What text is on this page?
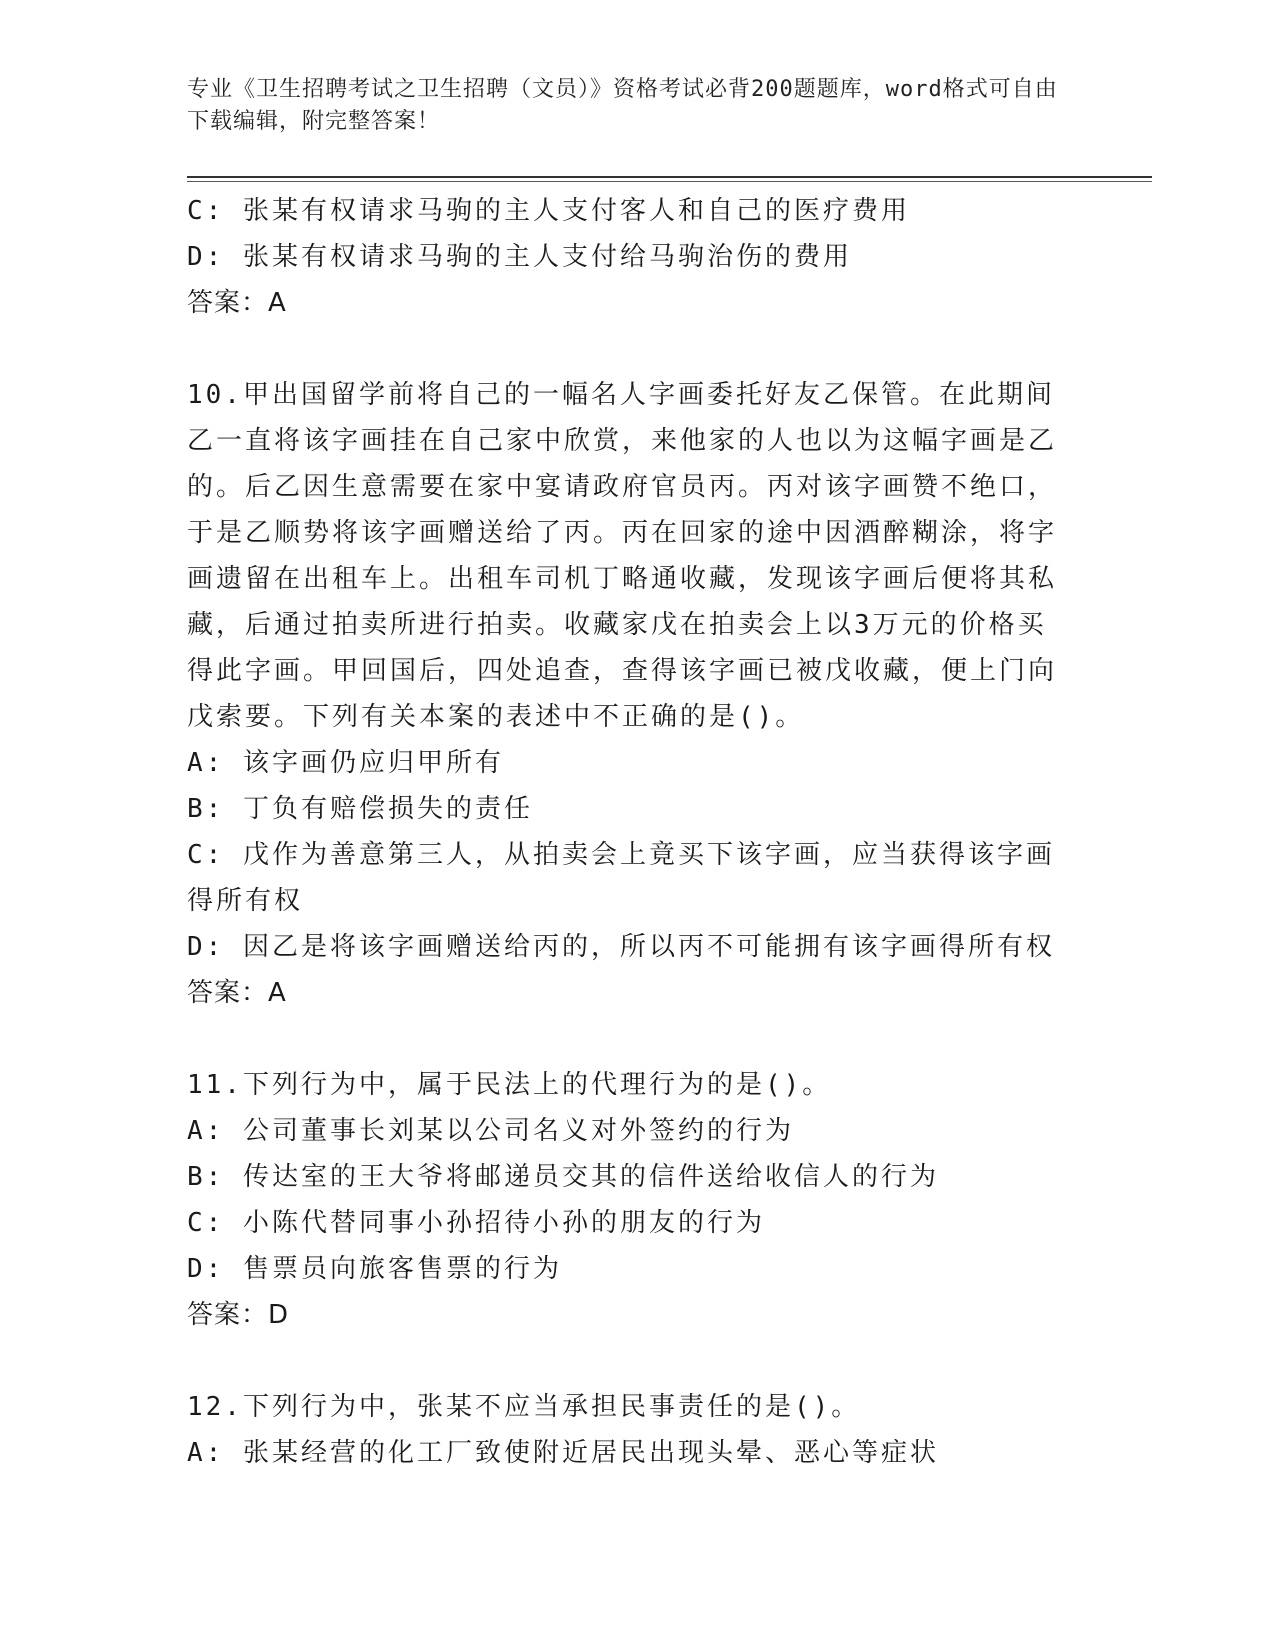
专业《卫生招聘考试之卫生招聘（文员）》资格考试必背200题题库，word格式可自由下载编辑，附完整答案！
C: 张某有权请求马驹的主人支付客人和自己的医疗费用
D: 张某有权请求马驹的主人支付给马驹治伤的费用
答案：A
10.甲出国留学前将自己的一幅名人字画委托好友乙保管。在此期间乙一直将该字画挂在自己家中欣赏，来他家的人也以为这幅字画是乙的。后乙因生意需要在家中宴请政府官员丙。丙对该字画赞不绝口，于是乙顺势将该字画赠送给了丙。丙在回家的途中因酒醉糊涂，将字画遗留在出租车上。出租车司机丁略通收藏，发现该字画后便将其私藏，后通过拍卖所进行拍卖。收藏家戊在拍卖会上以3万元的价格买得此字画。甲回国后，四处追查，查得该字画已被戊收藏，便上门向戊索要。下列有关本案的表述中不正确的是()。
A: 该字画仍应归甲所有
B: 丁负有赔偿损失的责任
C: 戊作为善意第三人，从拍卖会上竟买下该字画，应当获得该字画得所有权
D: 因乙是将该字画赠送给丙的，所以丙不可能拥有该字画得所有权
答案：A
11.下列行为中，属于民法上的代理行为的是()。
A: 公司董事长刘某以公司名义对外签约的行为
B: 传达室的王大爷将邮递员交其的信件送给收信人的行为
C: 小陈代替同事小孙招待小孙的朋友的行为
D: 售票员向旅客售票的行为
答案：D
12.下列行为中，张某不应当承担民事责任的是()。
A: 张某经营的化工厂致使附近居民出现头晕、恶心等症状
